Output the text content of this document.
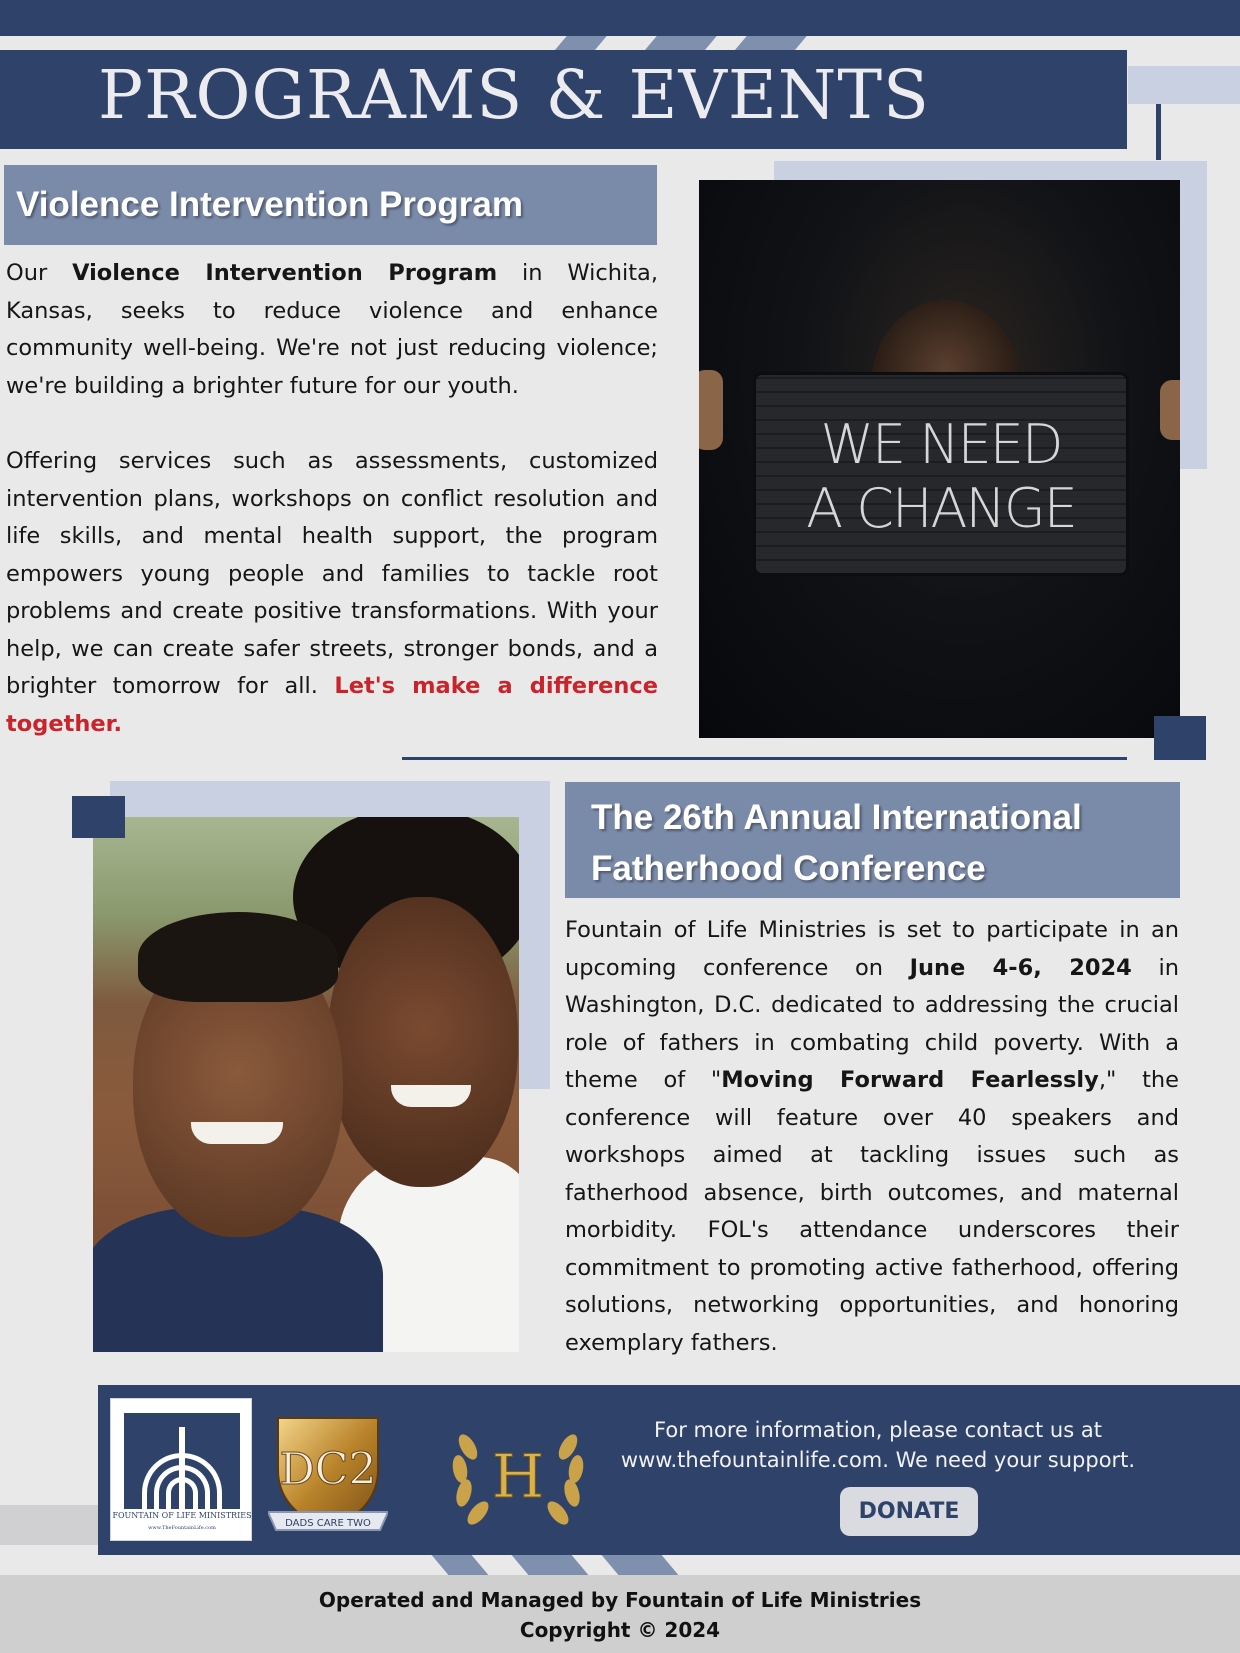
PROGRAMS & EVENTS
Violence Intervention Program

Our Violence Intervention Program in Wichita, Kansas, seeks to reduce violence and enhance community well-being. We're not just reducing violence; we're building a brighter future for our youth.

Offering services such as assessments, customized intervention plans, workshops on conflict resolution and life skills, and mental health support, the program empowers young people and families to tackle root problems and create positive transformations. With your help, we can create safer streets, stronger bonds, and a brighter tomorrow for all. Let's make a difference together.

WE NEED
A CHANGE
The 26th Annual International Fatherhood Conference

Fountain of Life Ministries is set to participate in an upcoming conference on June 4-6, 2024 in Washington, D.C. dedicated to addressing the crucial role of fathers in combating child poverty. With a theme of "Moving Forward Fearlessly," the conference will feature over 40 speakers and workshops aimed at tackling issues such as fatherhood absence, birth outcomes, and maternal morbidity. FOL's attendance underscores their commitment to promoting active fatherhood, offering solutions, networking opportunities, and honoring exemplary fathers.

FOUNTAIN OF LIFE MINISTRIES
www.TheFountainLife.com
DC2
DADS CARE TWO
H
For more information, please contact us at
www.thefountainlife.com. We need your support.
DONATE
Operated and Managed by Fountain of Life Ministries
Copyright © 2024
